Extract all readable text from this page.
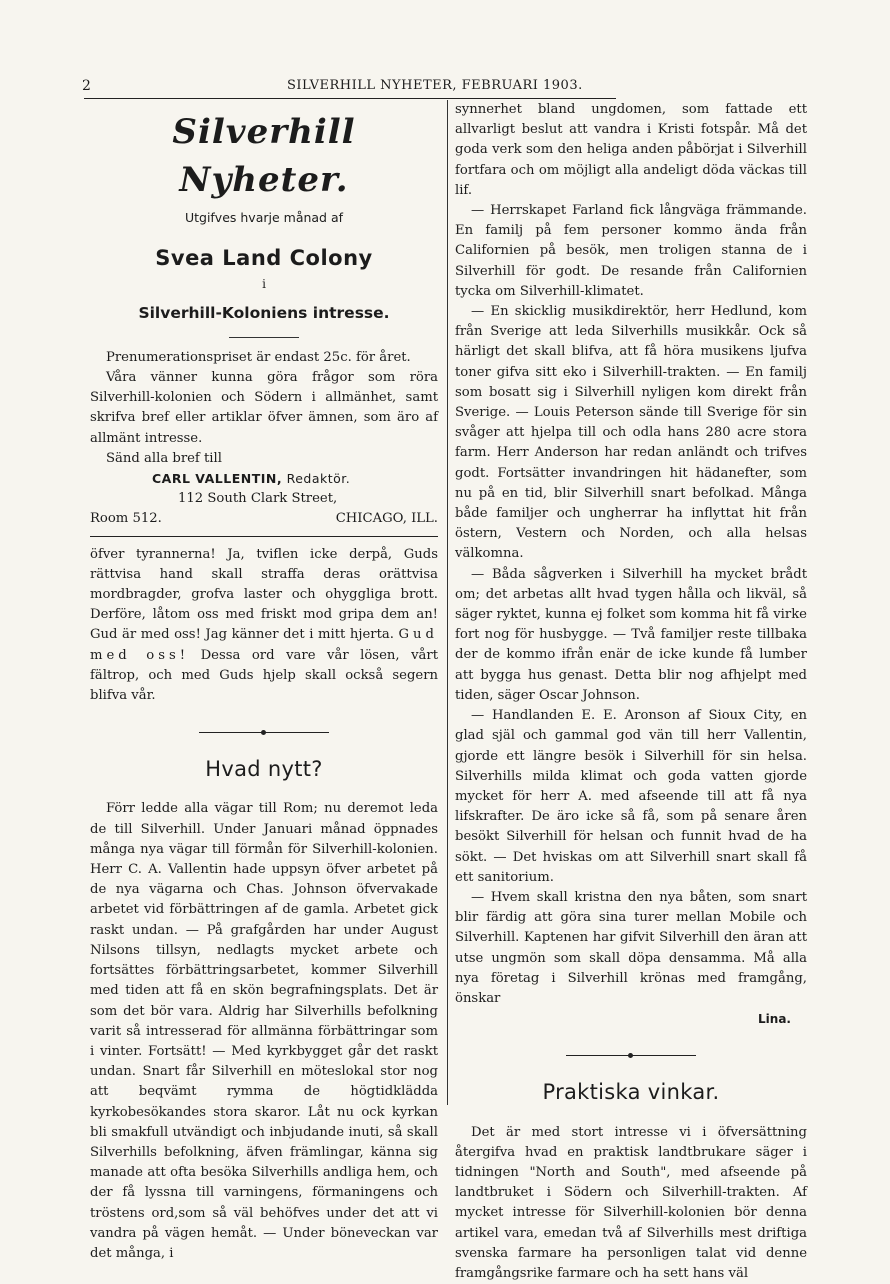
2	SILVERHILL NYHETER, FEBRUARI 1903.
Silverhill Nyheter.
Utgifves hvarje månad af
Svea Land Colony
i
Silverhill-Koloniens intresse.

Prenumerationspriset är endast 25c. för året.

Våra vänner kunna göra frågor som röra Silverhill-kolonien och Södern i allmänhet, samt skrifva bref eller artiklar öfver ämnen, som äro af allmänt intresse.

Sänd alla bref till

CARL VALLENTIN, Redaktör.
112 South Clark Street,
Room 512.	CHICAGO, ILL.

öfver tyrannerna! Ja, tviflen icke derpå, Guds rättvisa hand skall straffa deras orättvisa mordbragder, grofva laster och ohyggliga brott. Derföre, låtom oss med friskt mod gripa dem an! Gud är med oss! Jag känner det i mitt hjerta. Gud med oss! Dessa ord vare vår lösen, vårt fältrop, och med Guds hjelp skall också segern blifva vår.

Hvad nytt?

Förr ledde alla vägar till Rom; nu deremot leda de till Silverhill. Under Januari månad öppnades många nya vägar till förmån för Silverhill-kolonien. Herr C. A. Vallentin hade uppsyn öfver arbetet på de nya vägarna och Chas. Johnson öfvervakade arbetet vid förbättringen af de gamla. Arbetet gick raskt undan. — På grafgården har under August Nilsons tillsyn, nedlagts mycket arbete och fortsättes förbättringsarbetet, kommer Silverhill med tiden att få en skön begrafningsplats. Det är som det bör vara. Aldrig har Silverhills befolkning varit så intresserad för allmänna förbättringar som i vinter. Fortsätt! — Med kyrkbygget går det raskt undan. Snart får Silverhill en möteslokal stor nog att beqvämt rymma de högtidklädda kyrkobesökandes stora skaror. Låt nu ock kyrkan bli smakfull utvändigt och inbjudande inuti, så skall Silverhills befolkning, äfven främlingar, känna sig manade att ofta besöka Silverhills andliga hem, och der få lyssna till varningens, förmaningens och tröstens ord,som så väl behöfves under det att vi vandra på vägen hemåt. — Under böneveckan var det många, i

synnerhet bland ungdomen, som fattade ett allvarligt beslut att vandra i Kristi fotspår. Må det goda verk som den heliga anden påbörjat i Silverhill fortfara och om möjligt alla andeligt döda väckas till lif.

— Herrskapet Farland fick långväga främmande. En familj på fem personer kommo ända från Californien på besök, men troligen stanna de i Silverhill för godt. De resande från Californien tycka om Silverhill-klimatet.

— En skicklig musikdirektör, herr Hedlund, kom från Sverige att leda Silverhills musikkår. Ock så härligt det skall blifva, att få höra musikens ljufva toner gifva sitt eko i Silverhill-trakten. — En familj som bosatt sig i Silverhill nyligen kom direkt från Sverige. — Louis Peterson sände till Sverige för sin svåger att hjelpa till och odla hans 280 acre stora farm. Herr Anderson har redan anländt och trifves godt. Fortsätter invandringen hit hädanefter, som nu på en tid, blir Silverhill snart befolkad. Många både familjer och ungherrar ha inflyttat hit från östern, Vestern och Norden, och alla helsas välkomna.

— Båda sågverken i Silverhill ha mycket brådt om; det arbetas allt hvad tygen hålla och likväl, så säger ryktet, kunna ej folket som komma hit få virke fort nog för husbygge. — Två familjer reste tillbaka der de kommo ifrån enär de icke kunde få lumber att bygga hus genast. Detta blir nog afhjelpt med tiden, säger Oscar Johnson.

— Handlanden E. E. Aronson af Sioux City, en glad själ och gammal god vän till herr Vallentin, gjorde ett längre besök i Silverhill för sin helsa. Silverhills milda klimat och goda vatten gjorde mycket för herr A. med afseende till att få nya lifskrafter. De äro icke så få, som på senare åren besökt Silverhill för helsan och funnit hvad de ha sökt. — Det hviskas om att Silverhill snart skall få ett sanitorium.

— Hvem skall kristna den nya båten, som snart blir färdig att göra sina turer mellan Mobile och Silverhill. Kaptenen har gifvit Silverhill den äran att utse ungmön som skall döpa densamma. Må alla nya företag i Silverhill krönas med framgång, önskar

Lina.
Praktiska vinkar.

Det är med stort intresse vi i öfversättning återgifva hvad en praktisk landtbrukare säger i tidningen "North and South", med afseende på landtbruket i Södern och Silverhill-trakten. Af mycket intresse för Silverhill-kolonien bör denna artikel vara, emedan två af Silverhills mest driftiga svenska farmare ha personligen talat vid denne framgångsrike farmare och ha sett hans väl
